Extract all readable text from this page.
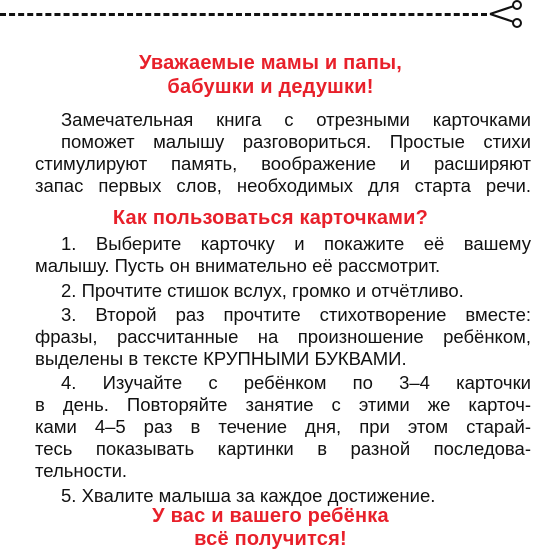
Уважаемые мамы и папы,
бабушки и дедушки!

Замечательная книга с отрезными карточками

поможет малышу разговориться. Простые стихи

стимулируют память, воображение и расширяют

запас первых слов, необходимых для старта речи.

Как пользоваться карточками?

1. Выберите карточку и покажите её вашему

малышу. Пусть он внимательно её рассмотрит.

2. Прочтите стишок вслух, громко и отчётливо.

3. Второй раз прочтите стихотворение вместе:

фразы, рассчитанные на произношение ребёнком,

выделены в тексте КРУПНЫМИ БУКВАМИ.

4. Изучайте с ребёнком по 3–4 карточки

в день. Повторяйте занятие с этими же карточ-

ками 4–5 раз в течение дня, при этом старай-

тесь показывать картинки в разной последова-

тельности.

5. Хвалите малыша за каждое достижение.

У вас и вашего ребёнка
всё получится!
